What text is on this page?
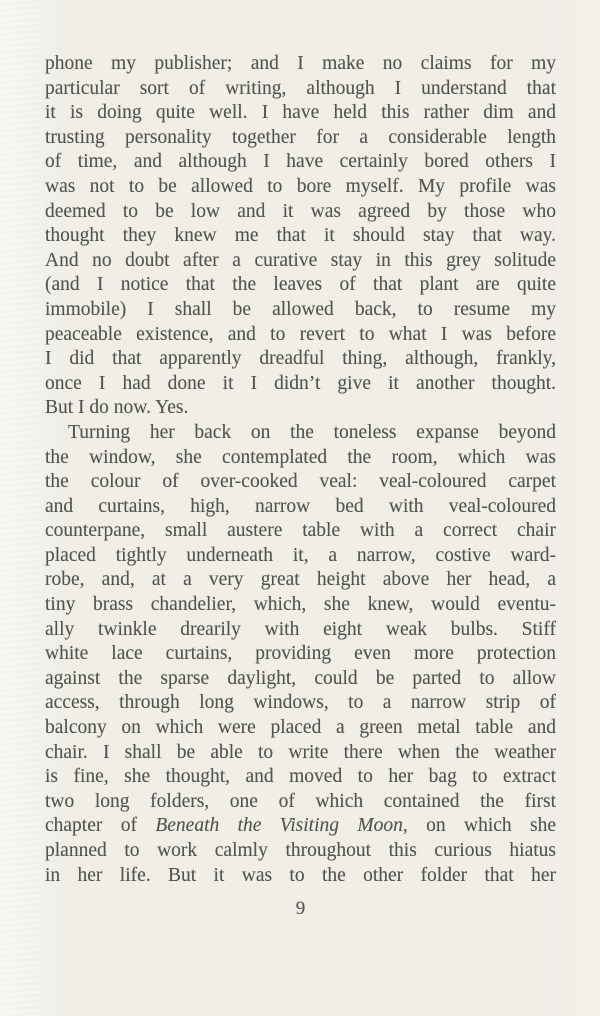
phone my publisher; and I make no claims for my
particular sort of writing, although I understand that
it is doing quite well. I have held this rather dim and
trusting personality together for a considerable length
of time, and although I have certainly bored others I
was not to be allowed to bore myself. My profile was
deemed to be low and it was agreed by those who
thought they knew me that it should stay that way.
And no doubt after a curative stay in this grey solitude
(and I notice that the leaves of that plant are quite
immobile) I shall be allowed back, to resume my
peaceable existence, and to revert to what I was before
I did that apparently dreadful thing, although, frankly,
once I had done it I didn’t give it another thought.
But I do now. Yes.
Turning her back on the toneless expanse beyond
the window, she contemplated the room, which was
the colour of over-cooked veal: veal-coloured carpet
and curtains, high, narrow bed with veal-coloured
counterpane, small austere table with a correct chair
placed tightly underneath it, a narrow, costive ward-
robe, and, at a very great height above her head, a
tiny brass chandelier, which, she knew, would eventu-
ally twinkle drearily with eight weak bulbs. Stiff
white lace curtains, providing even more protection
against the sparse daylight, could be parted to allow
access, through long windows, to a narrow strip of
balcony on which were placed a green metal table and
chair. I shall be able to write there when the weather
is fine, she thought, and moved to her bag to extract
two long folders, one of which contained the first
chapter of Beneath the Visiting Moon, on which she
planned to work calmly throughout this curious hiatus
in her life. But it was to the other folder that her
9
